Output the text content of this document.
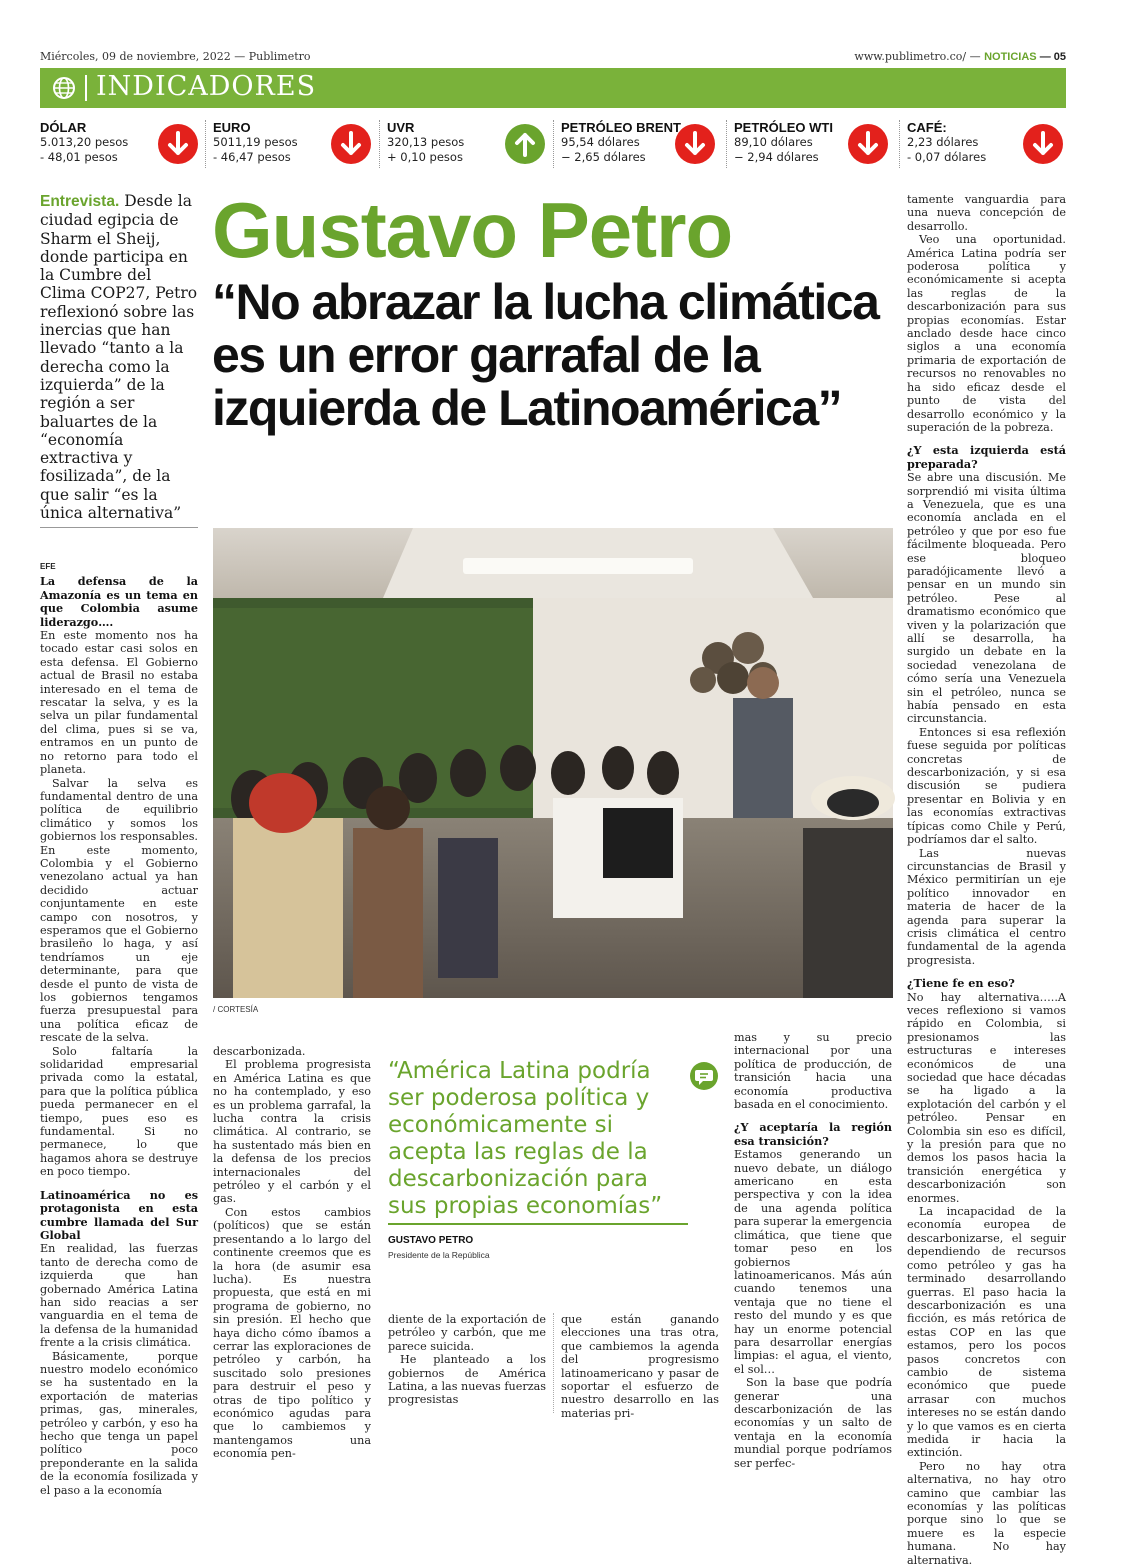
Miércoles, 09 de noviembre, 2022 — Publimetro	www.publimetro.co/ — NOTICIAS — 05
INDICADORES
DÓLAR
5.013,20 pesos
- 48,01 pesos
EURO
5011,19 pesos
- 46,47 pesos
UVR
320,13 pesos
+ 0,10 pesos
PETRÓLEO BRENT
95,54 dólares
− 2,65 dólares
PETRÓLEO WTI
89,10 dólares
− 2,94 dólares
CAFÉ:
2,23 dólares
- 0,07 dólares
Entrevista. Desde la ciudad egipcia de Sharm el Sheij, donde participa en la Cumbre del Clima COP27, Petro reflexionó sobre las inercias que han llevado “tanto a la derecha como la izquierda” de la región a ser baluartes de la “economía extractiva y fosilizada”, de la que salir “es la única alternativa”
Gustavo Petro
“No abrazar la lucha climática es un error garrafal de la izquierda de Latinoamérica”
/ CORTESÍA
EFE
La defensa de la Amazonía es un tema en que Colombia asume liderazgo….

En este momento nos ha tocado estar casi solos en esta defensa. El Gobierno actual de Brasil no estaba interesado en el tema de rescatar la selva, y es la selva un pilar fundamental del clima, pues si se va, entramos en un punto de no retorno para todo el planeta.

Salvar la selva es fundamental dentro de una política de equilibrio climático y somos los gobiernos los responsables. En este momento, Colombia y el Gobierno venezolano actual ya han decidido actuar conjuntamente en este campo con nosotros, y esperamos que el Gobierno brasileño lo haga, y así tendríamos un eje determinante, para que desde el punto de vista de los gobiernos tengamos fuerza presupuestal para una política eficaz de rescate de la selva.

Solo faltaría la solidaridad empresarial privada como la estatal, para que la política pública pueda permanecer en el tiempo, pues eso es fundamental. Si no permanece, lo que hagamos ahora se destruye en poco tiempo.

Latinoamérica no es protagonista en esta cumbre llamada del Sur Global

En realidad, las fuerzas tanto de derecha como de izquierda que han gobernado América Latina han sido reacias a ser vanguardia en el tema de la defensa de la humanidad frente a la crisis climática.

Básicamente, porque nuestro modelo económico se ha sustentado en la exportación de materias primas, gas, minerales, petróleo y carbón, y eso ha hecho que tenga un papel político poco preponderante en la salida de la economía fosilizada y el paso a la economía

descarbonizada.

El problema progresista en América Latina es que no ha contemplado, y eso es un problema garrafal, la lucha contra la crisis climática. Al contrario, se ha sustentado más bien en la defensa de los precios internacionales del petróleo y el carbón y el gas.

Con estos cambios (políticos) que se están presentando a lo largo del continente creemos que es la hora (de asumir esa lucha). Es nuestra propuesta, que está en mi programa de gobierno, no sin presión. El hecho que haya dicho cómo íbamos a cerrar las exploraciones de petróleo y carbón, ha suscitado solo presiones para destruir el peso y otras de tipo político y económico agudas para que lo cambiemos y mantengamos una economía pen-

“América Latina podría ser poderosa política y económicamente si acepta las reglas de la descarbonización para sus propias economías”
GUSTAVO PETRO
Presidente de la República

diente de la exportación de petróleo y carbón, que me parece suicida.

He planteado a los gobiernos de América Latina, a las nuevas fuerzas progresistas

que están ganando elecciones una tras otra, que cambiemos la agenda del progresismo latinoamericano y pasar de soportar el esfuerzo de nuestro desarrollo en las materias pri-

mas y su precio internacional por una política de producción, de transición hacia una economía productiva basada en el conocimiento.

¿Y aceptaría la región esa transición?

Estamos generando un nuevo debate, un diálogo americano en esta perspectiva y con la idea de una agenda política para superar la emergencia climática, que tiene que tomar peso en los gobiernos latinoamericanos. Más aún cuando tenemos una ventaja que no tiene el resto del mundo y es que hay un enorme potencial para desarrollar energías limpias: el agua, el viento, el sol…

Son la base que podría generar una descarbonización de las economías y un salto de ventaja en la economía mundial porque podríamos ser perfec-

tamente vanguardia para una nueva concepción de desarrollo.

Veo una oportunidad. América Latina podría ser poderosa política y económicamente si acepta las reglas de la descarbonización para sus propias economías. Estar anclado desde hace cinco siglos a una economía primaria de exportación de recursos no renovables no ha sido eficaz desde el punto de vista del desarrollo económico y la superación de la pobreza.

¿Y esta izquierda está preparada?

Se abre una discusión. Me sorprendió mi visita última a Venezuela, que es una economía anclada en el petróleo y que por eso fue fácilmente bloqueada. Pero ese bloqueo paradójicamente llevó a pensar en un mundo sin petróleo. Pese al dramatismo económico que viven y la polarización que allí se desarrolla, ha surgido un debate en la sociedad venezolana de cómo sería una Venezuela sin el petróleo, nunca se había pensado en esta circunstancia.

Entonces si esa reflexión fuese seguida por políticas concretas de descarbonización, y si esa discusión se pudiera presentar en Bolivia y en las economías extractivas típicas como Chile y Perú, podríamos dar el salto.

Las nuevas circunstancias de Brasil y México permitirían un eje político innovador en materia de hacer de la agenda para superar la crisis climática el centro fundamental de la agenda progresista.

¿Tiene fe en eso?

No hay alternativa…..A veces reflexiono si vamos rápido en Colombia, si presionamos las estructuras e intereses económicos de una sociedad que hace décadas se ha ligado a la explotación del carbón y el petróleo. Pensar en Colombia sin eso es difícil, y la presión para que no demos los pasos hacia la transición energética y descarbonización son enormes.

La incapacidad de la economía europea de descarbonizarse, el seguir dependiendo de recursos como petróleo y gas ha terminado desarrollando guerras. El paso hacia la descarbonización es una ficción, es más retórica de estas COP en las que estamos, pero los pocos pasos concretos con cambio de sistema económico que puede arrasar con muchos intereses no se están dando y lo que vamos es en cierta medida ir hacia la extinción.

Pero no hay otra alternativa, no hay otro camino que cambiar las economías y las políticas porque sino lo que se muere es la especie humana. No hay alternativa.
